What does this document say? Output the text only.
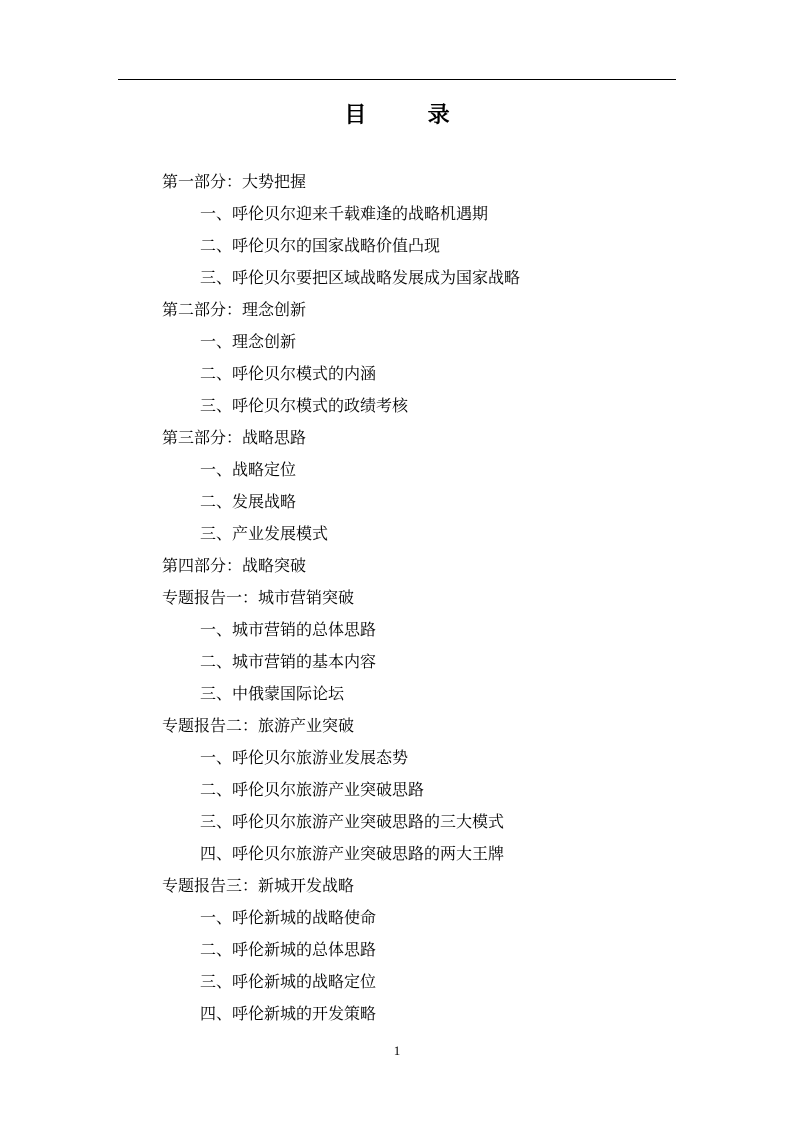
目        录
第一部分：大势把握
一、呼伦贝尔迎来千载难逢的战略机遇期
二、呼伦贝尔的国家战略价值凸现
三、呼伦贝尔要把区域战略发展成为国家战略
第二部分：理念创新
一、理念创新
二、呼伦贝尔模式的内涵
三、呼伦贝尔模式的政绩考核
第三部分：战略思路
一、战略定位
二、发展战略
三、产业发展模式
第四部分：战略突破
专题报告一：城市营销突破
一、城市营销的总体思路
二、城市营销的基本内容
三、中俄蒙国际论坛
专题报告二：旅游产业突破
一、呼伦贝尔旅游业发展态势
二、呼伦贝尔旅游产业突破思路
三、呼伦贝尔旅游产业突破思路的三大模式
四、呼伦贝尔旅游产业突破思路的两大王牌
专题报告三：新城开发战略
一、呼伦新城的战略使命
二、呼伦新城的总体思路
三、呼伦新城的战略定位
四、呼伦新城的开发策略
1
